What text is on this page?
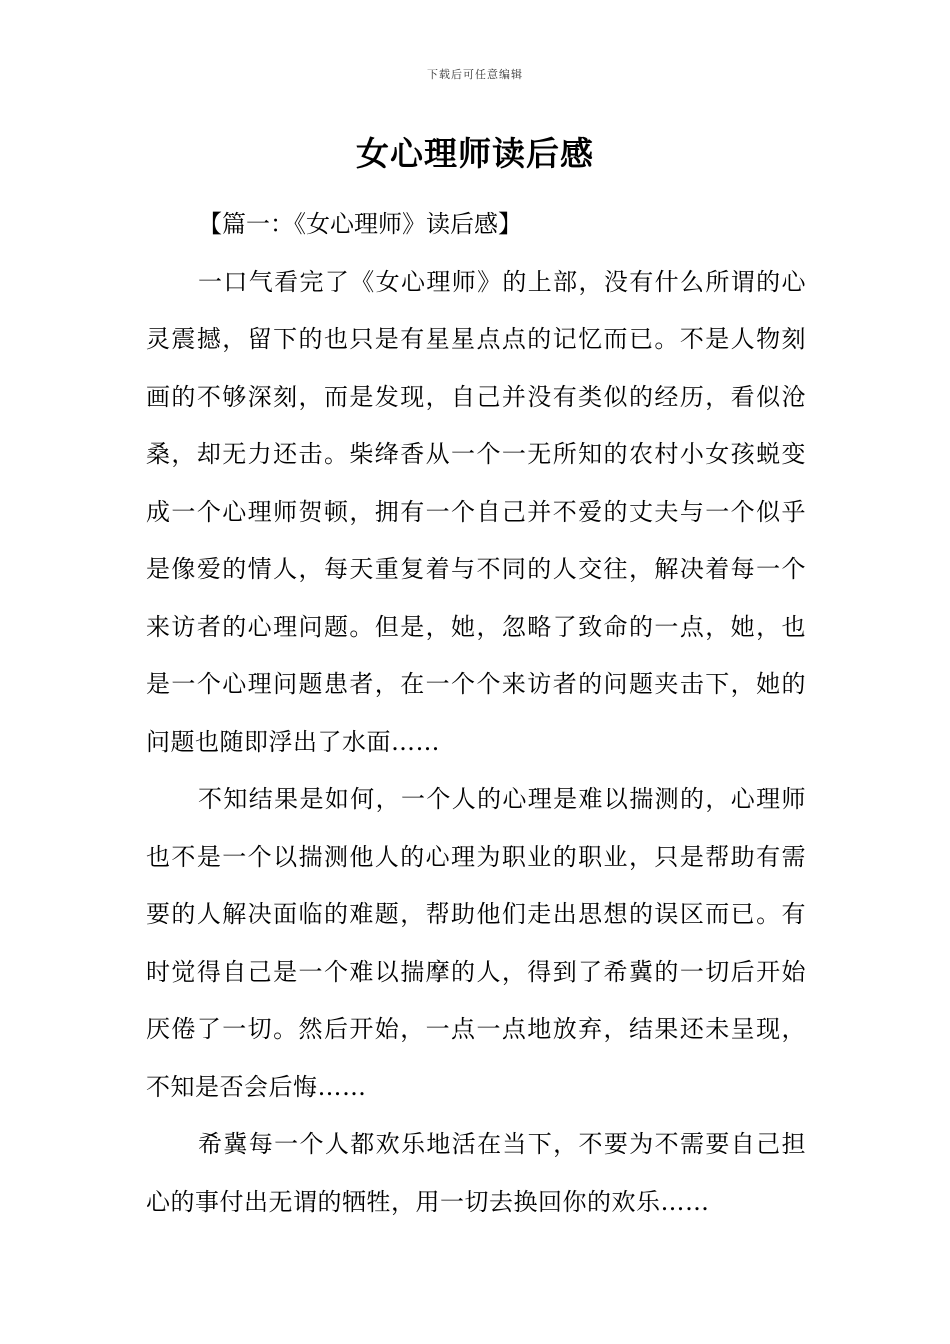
下载后可任意编辑
女心理师读后感

【篇一：《女心理师》读后感】

一口气看完了《女心理师》的上部，没有什么所谓的心灵震撼，留下的也只是有星星点点的记忆而已。不是人物刻画的不够深刻，而是发现，自己并没有类似的经历，看似沧桑，却无力还击。柴绛香从一个一无所知的农村小女孩蜕变成一个心理师贺顿，拥有一个自己并不爱的丈夫与一个似乎是像爱的情人，每天重复着与不同的人交往，解决着每一个来访者的心理问题。但是，她，忽略了致命的一点，她，也是一个心理问题患者，在一个个来访者的问题夹击下，她的问题也随即浮出了水面……

不知结果是如何，一个人的心理是难以揣测的，心理师也不是一个以揣测他人的心理为职业的职业，只是帮助有需要的人解决面临的难题，帮助他们走出思想的误区而已。有时觉得自己是一个难以揣摩的人，得到了希冀的一切后开始厌倦了一切。然后开始，一点一点地放弃，结果还未呈现，不知是否会后悔……

希冀每一个人都欢乐地活在当下，不要为不需要自己担心的事付出无谓的牺牲，用一切去换回你的欢乐……
